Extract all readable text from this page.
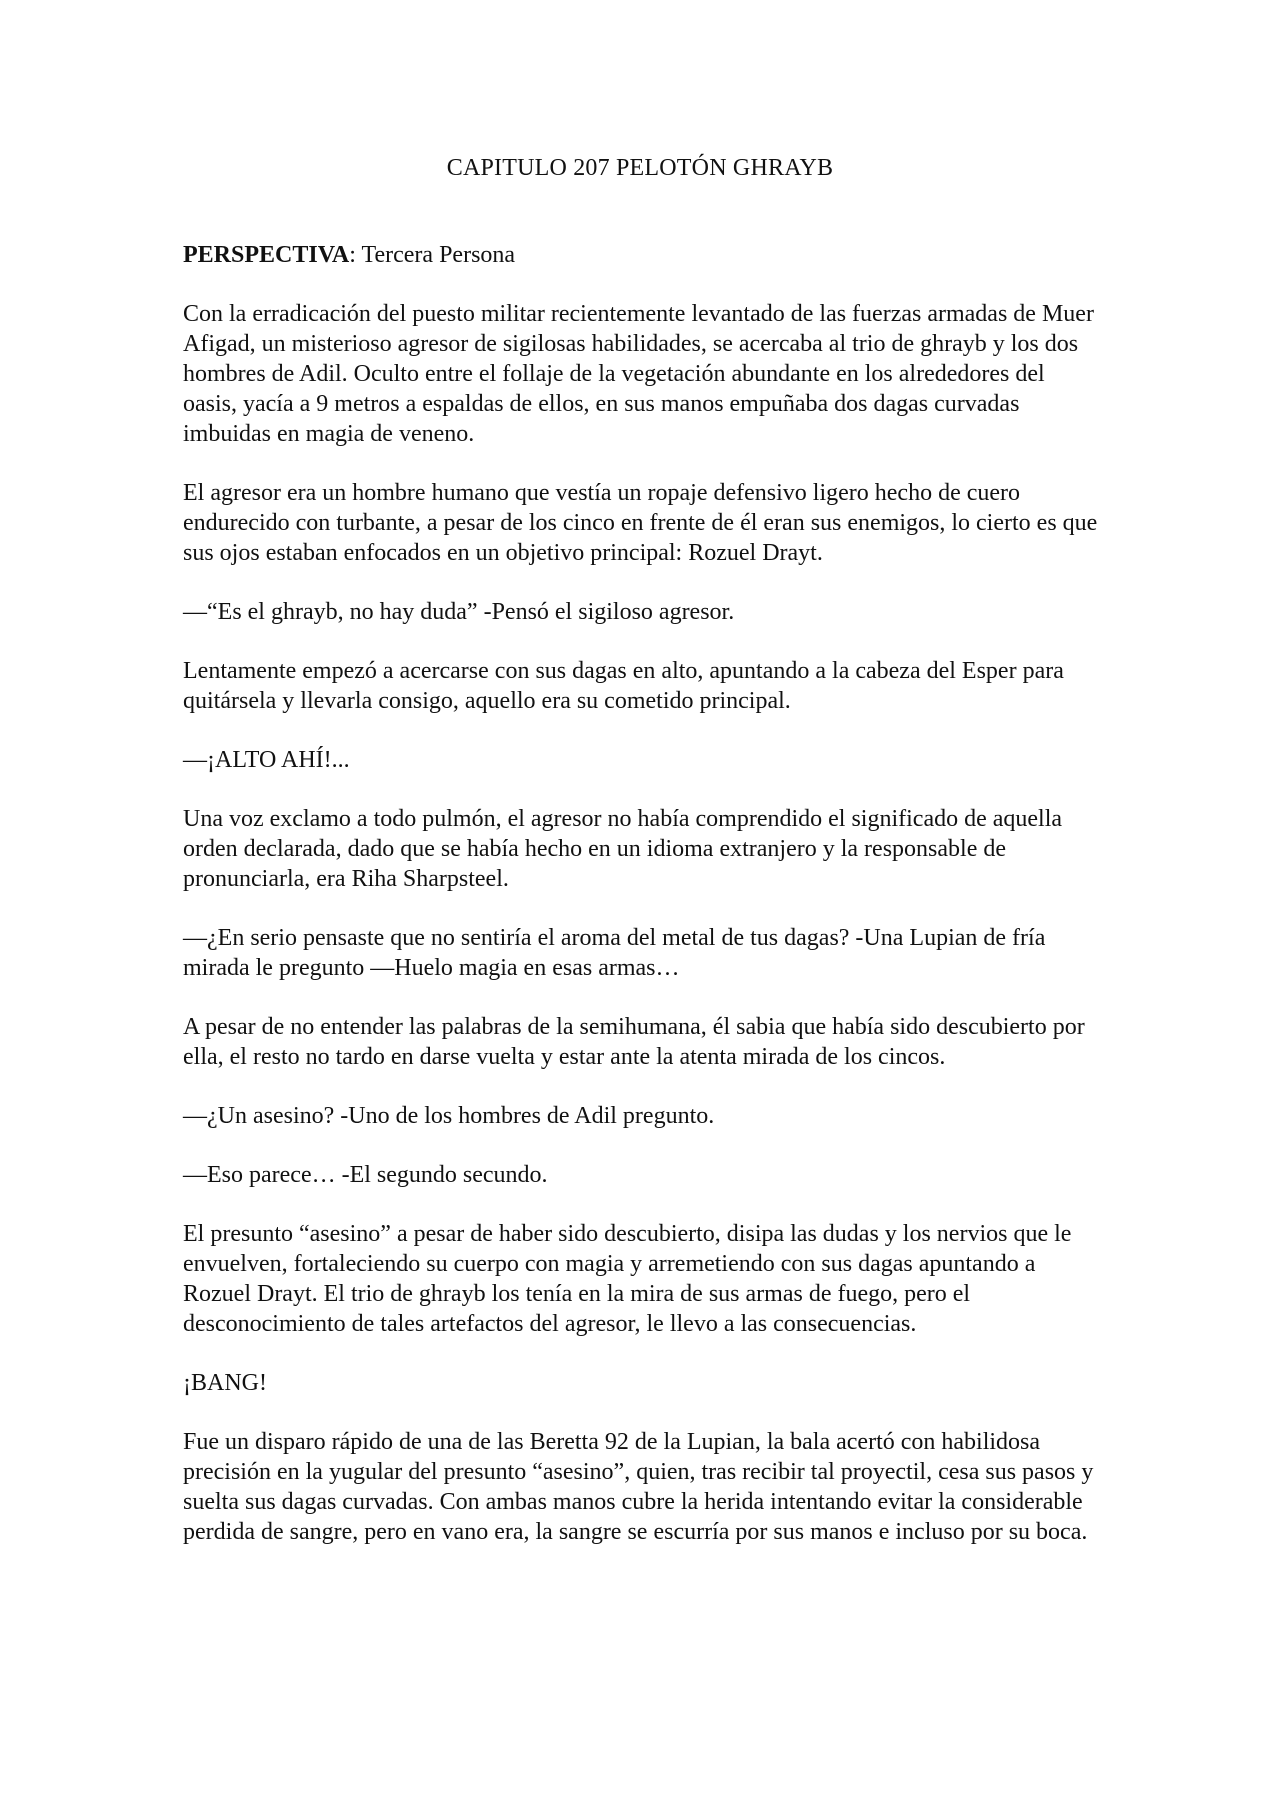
CAPITULO 207 PELOTÓN GHRAYB

PERSPECTIVA: Tercera Persona

Con la erradicación del puesto militar recientemente levantado de las fuerzas armadas de Muer Afigad, un misterioso agresor de sigilosas habilidades, se acercaba al trio de ghrayb y los dos hombres de Adil. Oculto entre el follaje de la vegetación abundante en los alrededores del oasis, yacía a 9 metros a espaldas de ellos, en sus manos empuñaba dos dagas curvadas imbuidas en magia de veneno.

El agresor era un hombre humano que vestía un ropaje defensivo ligero hecho de cuero endurecido con turbante, a pesar de los cinco en frente de él eran sus enemigos, lo cierto es que sus ojos estaban enfocados en un objetivo principal: Rozuel Drayt.

—“Es el ghrayb, no hay duda” -Pensó el sigiloso agresor.

Lentamente empezó a acercarse con sus dagas en alto, apuntando a la cabeza del Esper para quitársela y llevarla consigo, aquello era su cometido principal.

—¡ALTO AHÍ!...

Una voz exclamo a todo pulmón, el agresor no había comprendido el significado de aquella orden declarada, dado que se había hecho en un idioma extranjero y la responsable de pronunciarla, era Riha Sharpsteel.

—¿En serio pensaste que no sentiría el aroma del metal de tus dagas? -Una Lupian de fría mirada le pregunto —Huelo magia en esas armas…

A pesar de no entender las palabras de la semihumana, él sabia que había sido descubierto por ella, el resto no tardo en darse vuelta y estar ante la atenta mirada de los cincos.

—¿Un asesino? -Uno de los hombres de Adil pregunto.

—Eso parece… -El segundo secundo.

El presunto “asesino” a pesar de haber sido descubierto, disipa las dudas y los nervios que le envuelven, fortaleciendo su cuerpo con magia y arremetiendo con sus dagas apuntando a Rozuel Drayt. El trio de ghrayb los tenía en la mira de sus armas de fuego, pero el desconocimiento de tales artefactos del agresor, le llevo a las consecuencias.

¡BANG!

Fue un disparo rápido de una de las Beretta 92 de la Lupian, la bala acertó con habilidosa precisión en la yugular del presunto “asesino”, quien, tras recibir tal proyectil, cesa sus pasos y suelta sus dagas curvadas. Con ambas manos cubre la herida intentando evitar la considerable perdida de sangre, pero en vano era, la sangre se escurría por sus manos e incluso por su boca.
